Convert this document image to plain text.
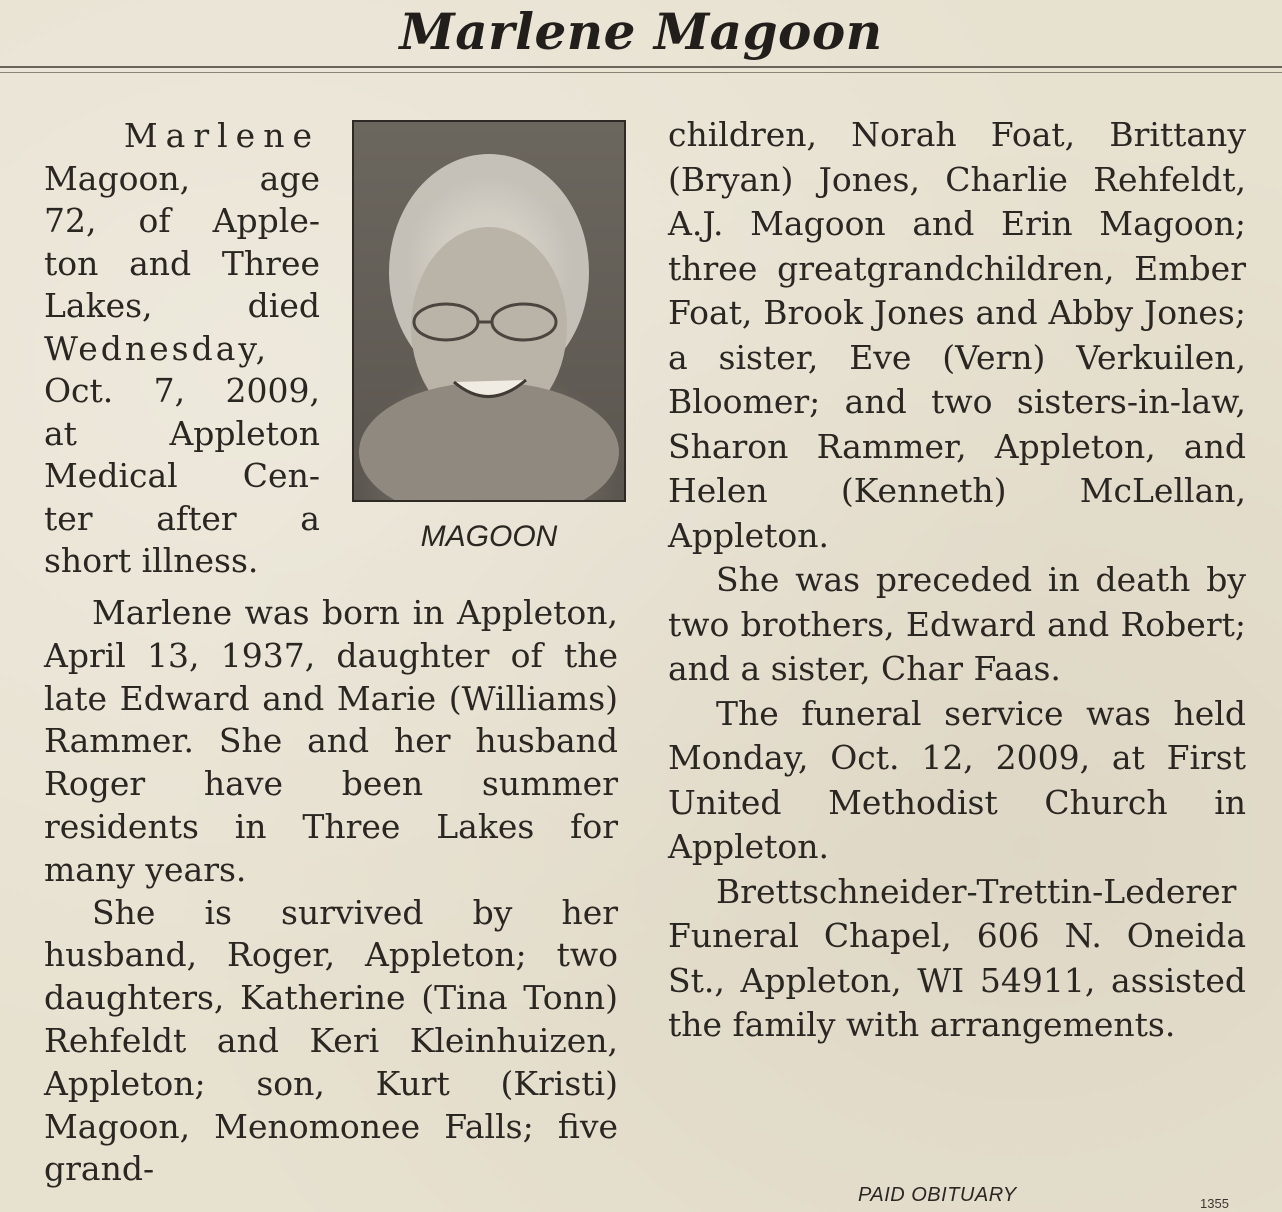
Marlene Magoon
Marlene
Magoon, age
72, of Apple-
ton and Three
Lakes, died
Wednesday,
Oct. 7, 2009,
at Appleton
Medical Cen-
ter after a
short illness.
MAGOON

Marlene was born in Appleton, April 13, 1937, daughter of the late Edward and Marie (Williams) Rammer. She and her husband Roger have been summer residents in Three Lakes for many years.

She is survived by her husband, Roger, Appleton; two daughters, Katherine (Tina Tonn) Rehfeldt and Keri Kleinhuizen, Appleton; son, Kurt (Kristi) Magoon, Menomonee Falls; five grand-

children, Norah Foat, Brittany (Bryan) Jones, Charlie Rehfeldt, A.J. Magoon and Erin Magoon; three greatgrandchildren, Ember Foat, Brook Jones and Abby Jones; a sister, Eve (Vern) Verkuilen, Bloomer; and two sisters-in-law, Sharon Rammer, Appleton, and Helen (Kenneth) McLellan, Appleton.

She was preceded in death by two brothers, Edward and Robert; and a sister, Char Faas.

The funeral service was held Monday, Oct. 12, 2009, at First United Methodist Church in Appleton.

Brettschneider-Trettin-Lederer Funeral Chapel, 606 N. Oneida St., Appleton, WI 54911, assisted the family with arrangements.

PAID OBITUARY	1355
